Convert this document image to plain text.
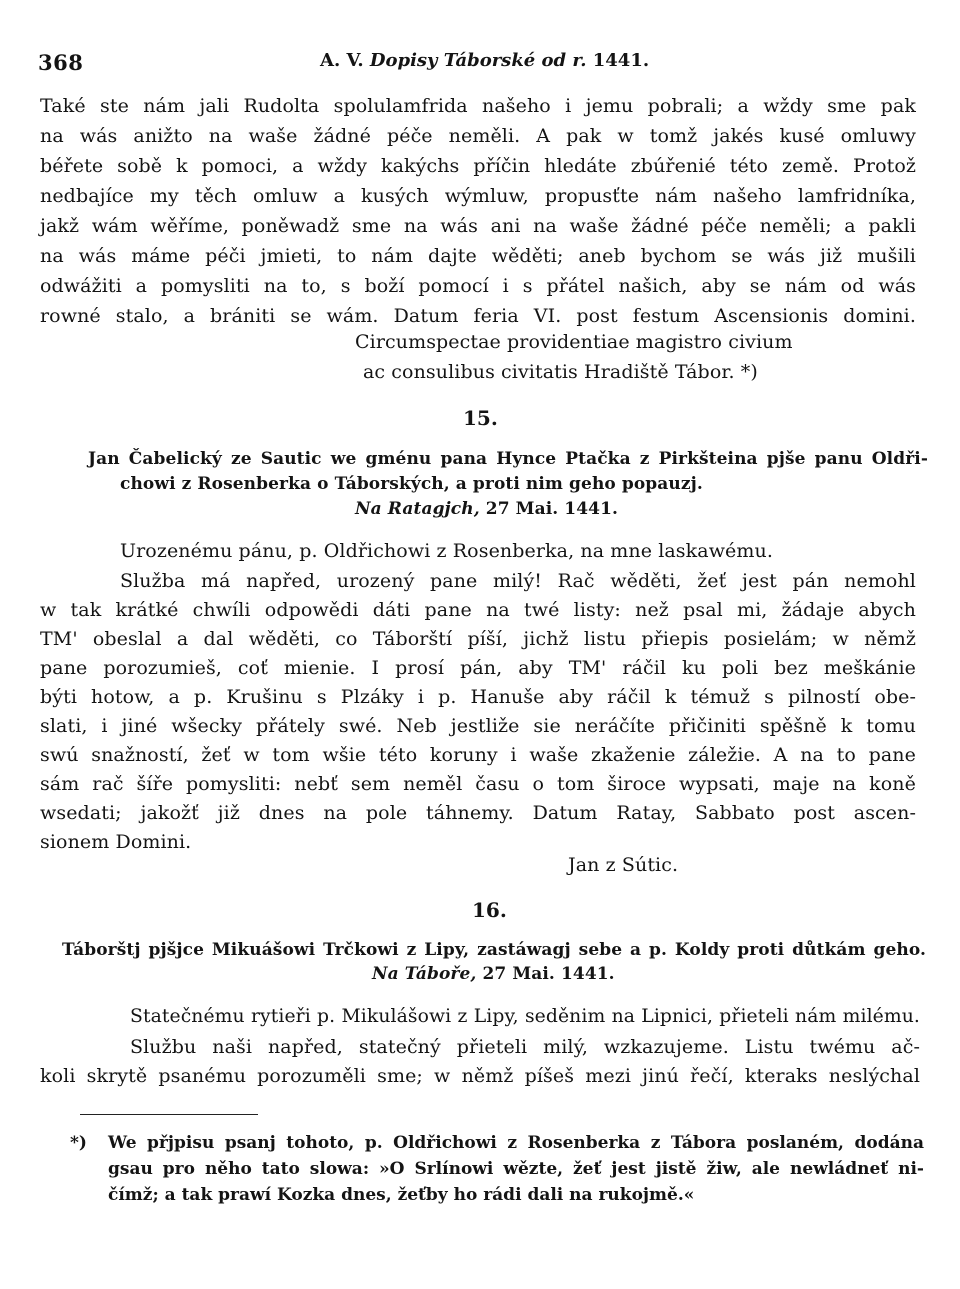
368	A. V. Dopisy Táborské od r. 1441.
Také ste nám jali Rudolta spolulamfrida našeho i jemu pobrali; a wždy sme pak
na wás anižto na waše žádné péče neměli. A pak w tomž jakés kusé omluwy
béřete sobě k pomoci, a wždy kakýchs příčin hledáte zbúřenié této země. Protož
nedbajíce my těch omluw a kusých wýmluw, propusťte nám našeho lamfridníka,
jakž wám wěříme, poněwadž sme na wás ani na waše žádné péče neměli; a pakli
na wás máme péči jmieti, to nám dajte wěděti; aneb bychom se wás již mušili
odwážiti a pomysliti na to, s boží pomocí i s přátel našich, aby se nám od wás
rowné stalo, a brániti se wám. Datum feria VI. post festum Ascensionis domini.
Circumspectae providentiae magistro civium
ac consulibus civitatis Hradiště Tábor. *)
15.
Jan Čabelický ze Sautic we gménu pana Hynce Ptačka z Pirkšteina pjše panu Oldři-
chowi z Rosenberka o Táborských, a proti nim geho popauzj.
Na Ratagjch, 27 Mai. 1441.
Urozenému pánu, p. Oldřichowi z Rosenberka, na mne laskawému.
Služba má napřed, urozený pane milý! Rač wěděti, žeť jest pán nemohl
w tak krátké chwíli odpowědi dáti pane na twé listy: než psal mi, žádaje abych
TM' obeslal a dal wěděti, co Táborští píší, jichž listu přiepis posielám; w němž
pane porozumieš, coť mienie. I prosí pán, aby TM' ráčil ku poli bez meškánie
býti hotow, a p. Krušinu s Plzáky i p. Hanuše aby ráčil k témuž s pilností obe-
slati, i jiné wšecky přátely swé. Neb jestliže sie neráčíte přičiniti spěšně k tomu
swú snažností, žeť w tom wšie této koruny i waše zkaženie záležie. A na to pane
sám rač šíře pomysliti: nebť sem neměl času o tom široce wypsati, maje na koně
wsedati; jakožť již dnes na pole táhnemy. Datum Ratay, Sabbato post ascen-
sionem Domini.
Jan z Sútic.
16.
Táborštj pjšjce Mikuášowi Trčkowi z Lipy, zastáwagj sebe a p. Koldy proti důtkám geho.
Na Táboře, 27 Mai. 1441.
Statečnému rytieři p. Mikulášowi z Lipy, seděnim na Lipnici, přieteli nám milému.
Službu naši napřed, statečný přieteli milý, wzkazujeme. Listu twému ač-
koli skrytě psanému porozuměli sme; w němž píšeš mezi jinú řečí, kteraks neslýchal
*) We přjpisu psanj tohoto, p. Oldřichowi z Rosenberka z Tábora poslaném, dodána
gsau pro něho tato slowa: »O Srlínowi wězte, žeť jest jistě žiw, ale newládneť ni-
čímž; a tak prawí Kozka dnes, žeťby ho rádi dali na rukojmě.«
